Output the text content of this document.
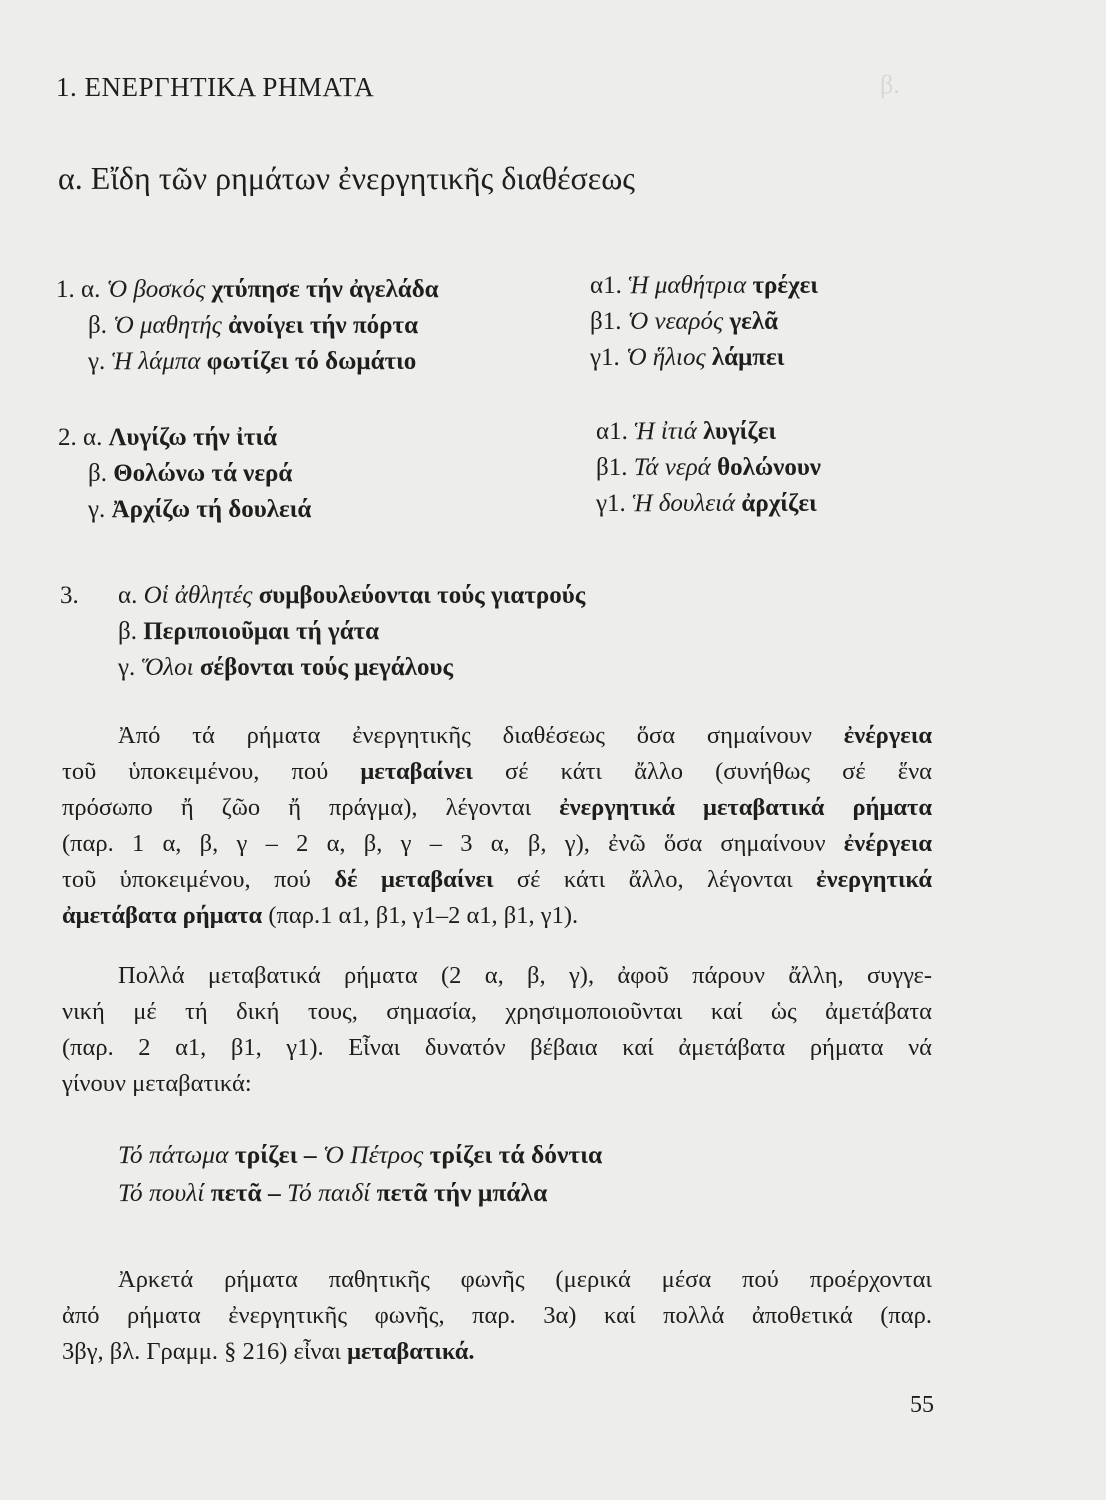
β.
1. ΕΝΕΡΓΗΤΙΚΑ ΡΗΜΑΤΑ
α. Εἴδη τῶν ρημάτων ἐνεργητικῆς διαθέσεως
1. α. Ὁ βοσκός χτύπησε τήν ἀγελάδα
β. Ὁ μαθητής ἀνοίγει τήν πόρτα
γ. Ἡ λάμπα φωτίζει τό δωμάτιο
α1. Ἡ μαθήτρια τρέχει
β1. Ὁ νεαρός γελᾶ
γ1. Ὁ ἥλιος λάμπει
2. α. Λυγίζω τήν ἰτιά
β. Θολώνω τά νερά
γ. Ἀρχίζω τή δουλειά
α1. Ἡ ἰτιά λυγίζει
β1. Τά νερά θολώνουν
γ1. Ἡ δουλειά ἀρχίζει
3. α. Οἱ ἀθλητές συμβουλεύονται τούς γιατρούς
β. Περιποιοῦμαι τή γάτα
γ. Ὅλοι σέβονται τούς μεγάλους
Ἀπό τά ρήματα ἐνεργητικῆς διαθέσεως ὅσα σημαίνουν ἐνέργεια
τοῦ ὑποκειμένου, πού μεταβαίνει σέ κάτι ἄλλο (συνήθως σέ ἕνα
πρόσωπο ἤ ζῶο ἤ πράγμα), λέγονται ἐνεργητικά μεταβατικά ρήματα
(παρ. 1 α, β, γ – 2 α, β, γ – 3 α, β, γ), ἐνῶ ὅσα σημαίνουν ἐνέργεια
τοῦ ὑποκειμένου, πού δέ μεταβαίνει σέ κάτι ἄλλο, λέγονται ἐνεργητικά
ἀμετάβατα ρήματα (παρ.1 α1, β1, γ1–2 α1, β1, γ1).
Πολλά μεταβατικά ρήματα (2 α, β, γ), ἀφοῦ πάρουν ἄλλη, συγγε-
νική μέ τή δική τους, σημασία, χρησιμοποιοῦνται καί ὡς ἀμετάβατα
(παρ. 2 α1, β1, γ1). Εἶναι δυνατόν βέβαια καί ἀμετάβατα ρήματα νά
γίνουν μεταβατικά:
Τό πάτωμα τρίζει – Ὁ Πέτρος τρίζει τά δόντια
Τό πουλί πετᾶ – Τό παιδί πετᾶ τήν μπάλα
Ἀρκετά ρήματα παθητικῆς φωνῆς (μερικά μέσα πού προέρχονται
ἀπό ρήματα ἐνεργητικῆς φωνῆς, παρ. 3α) καί πολλά ἀποθετικά (παρ.
3βγ, βλ. Γραμμ. § 216) εἶναι μεταβατικά.
55
